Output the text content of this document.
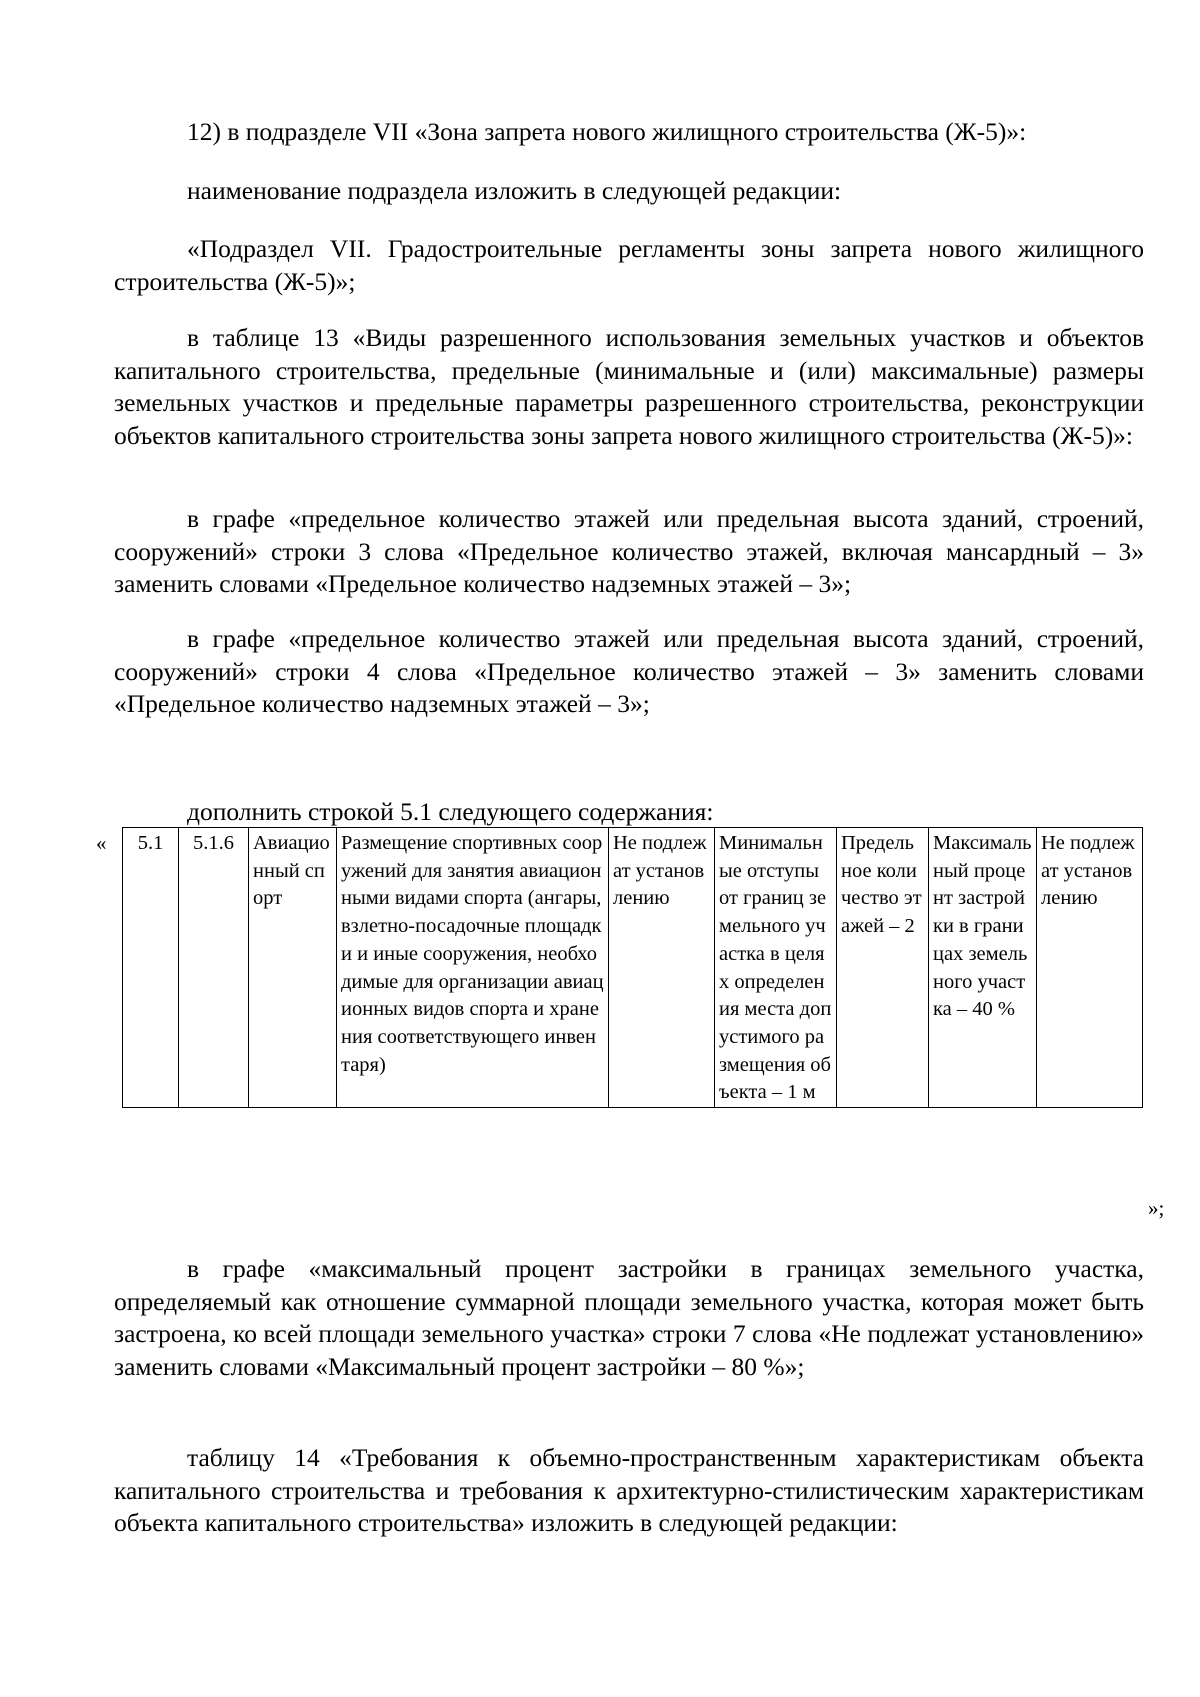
12) в подразделе VII «Зона запрета нового жилищного строительства (Ж-5)»:

наименование подраздела изложить в следующей редакции:

«Подраздел VII. Градостроительные регламенты зоны запрета нового жилищного строительства (Ж-5)»;

в таблице 13 «Виды разрешенного использования земельных участков и объектов капитального строительства, предельные (минимальные и (или) максимальные) размеры земельных участков и предельные параметры разрешенного строительства, реконструкции объектов капитального строительства зоны запрета нового жилищного строительства (Ж-5)»:

в графе «предельное количество этажей или предельная высота зданий, строений, сооружений» строки 3 слова «Предельное количество этажей, включая мансардный – 3» заменить словами «Предельное количество надземных этажей – 3»;

в графе «предельное количество этажей или предельная высота зданий, строений, сооружений» строки 4 слова «Предельное количество этажей – 3» заменить словами «Предельное количество надземных этажей – 3»;

дополнить строкой 5.1 следующего содержания:

« 5.1	5.1.6	Авиационный спорт	Размещение спортивных сооружений для занятия авиационными видами спорта (ангары, взлетно-посадочные площадки и иные сооружения, необходимые для организации авиационных видов спорта и хранения соответствующего инвентаря)	Не подлежат установлению	Минимальные отступы от границ земельного участка в целях определения места допустимого размещения объекта – 1 м	Предельное количество этажей – 2	Максимальный процент застройки в границах земельного участка – 40 %	Не подлежат установлению
»;

в графе «максимальный процент застройки в границах земельного участка, определяемый как отношение суммарной площади земельного участка, которая может быть застроена, ко всей площади земельного участка» строки 7 слова «Не подлежат установлению» заменить словами «Максимальный процент застройки – 80 %»;

таблицу 14 «Требования к объемно-пространственным характеристикам объекта капитального строительства и требования к архитектурно-стилистическим характеристикам объекта капитального строительства» изложить в следующей редакции:
